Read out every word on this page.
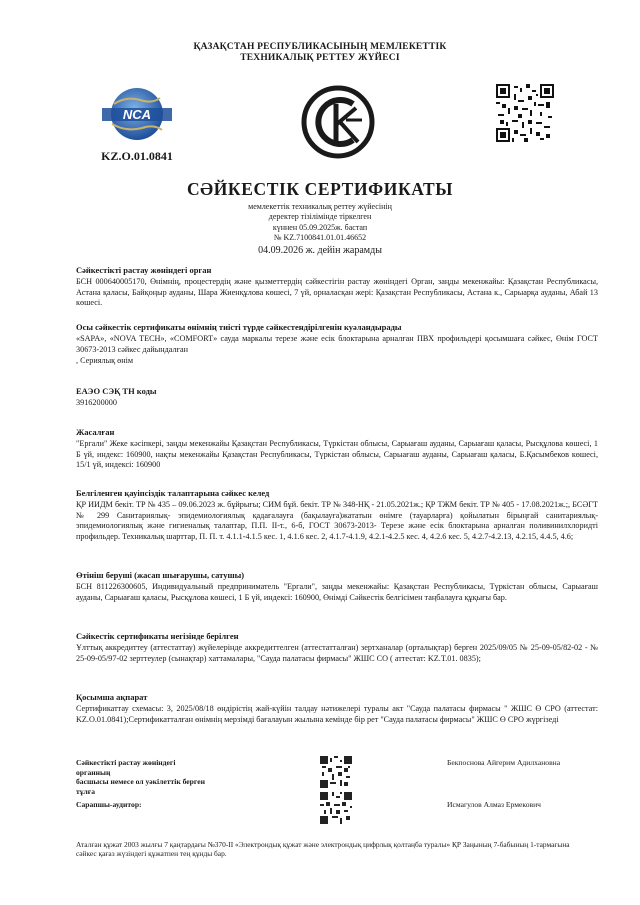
ҚАЗАҚСТАН РЕСПУБЛИКАСЫНЫҢ МЕМЛЕКЕТТІК
ТЕХНИКАЛЫҚ РЕТТЕУ ЖҮЙЕСІ
NCA
KZ.O.01.0841
СӘЙКЕСТІК СЕРТИФИКАТЫ
мемлекеттік техникалық реттеу жүйесінің
деректер тізілімінде тіркелген
күннен 05.09.2025ж. бастап
№ KZ.7100841.01.01.46652
04.09.2026 ж. дейін жарамды
Сәйкестікті растау жөніндегі орган
БСН 000640005170, Өнімнің, процестердің және қызметтердің сәйкестігін растау жөніндегі Орган, заңды мекенжайы: Қазақстан Республикасы, Астана қаласы, Байқоңыр ауданы, Шара Жиенқұлова көшесі, 7 үй, орналасқан жері: Қазақстан Республикасы, Астана к., Сарыарқа ауданы, Абай 13 көшесі.
Осы сәйкестік сертификаты өнімнің тиісті түрде сәйкестендірілгенін куәландырады
«SAPA», «NOVA TECH», «COMFORT» сауда маркалы терезе және есік блоктарына арналған ПВХ профильдері қосымшаға сәйкес, Өнім ГОСТ 30673-2013 сәйкес дайындалған
, Сериялық өнім
ЕАЭО СЭҚ ТН коды
3916200000
Жасалған
"Ергали" Жеке кәсіпкері, заңды мекенжайы Қазақстан Республикасы, Түркістан облысы, Сарыағаш ауданы, Сарыағаш қаласы, Рысқұлова көшесі, 1 Б үй, индекс: 160900, нақты мекенжайы Қазақстан Республикасы, Түркістан облысы, Сарыағаш ауданы, Сарыағаш қаласы, Б.Қасымбеков көшесі, 15/1 үй, индексі: 160900
Белгіленген қауіпсіздік талаптарына сәйкес келед
ҚР ИИДМ бекіт. ТР № 435 – 09.06.2023 ж. бұйрығы; СИМ бұй. бекіт. ТР № 348-НҚ - 21.05.2021ж.; ҚР ТЖМ бекіт. ТР № 405 - 17.08.2021ж.;, БСӘГТ № 299 Санитариялық- эпидемиологиялық қадағалауға (бақылауға)жататын өнімге (тауарларға) қойылатын бірыңғай санитариялық-эпидемиологиялық және гигиеналық талаптар, П.П. II-т., 6-б, ГОСТ 30673-2013- Терезе және есік блоктарына арналған поливинилхлоридті профильдер. Техникалық шарттар, П. П. т. 4.1.1-4.1.5 кес. 1, 4.1.6 кес. 2, 4.1.7-4.1.9, 4.2.1-4.2.5 кес. 4, 4.2.6 кес. 5, 4.2.7-4.2.13, 4.2.15, 4.4.5, 4.6;
Өтініш беруші (жасап шығарушы, сатушы)
БСН 811226300605, Индивидуальный предприниматель "Ергали", заңды мекенжайы: Қазақстан Республикасы, Түркістан облысы, Сарыағаш ауданы, Сарыағаш қаласы, Рысқұлова көшесі, 1 Б үй, индексі: 160900, Өнімді Сәйкестік белгісімен таңбалауға құқығы бар.
Сәйкестік сертификаты негізінде берілген
Ұлттық аккредиттеу (аттестаттау) жүйелерінде аккредиттелген (аттестатталған) зертханалар (орталықтар) берген 2025/09/05 № 25-09-05/82-02 - № 25-09-05/97-02 зерттеулер (сынақтар) хаттамалары, "Сауда палатасы фирмасы" ЖШС СО ( аттестат: KZ.T.01. 0835);
Қосымша ақпарат
Сертификаттау схемасы: 3, 2025/08/18 өндірістің жай-күйін талдау нәтижелері туралы акт "Сауда палатасы фирмасы " ЖШС Ө СРО (аттестат: KZ.O.01.0841);Сертификатталған өнімнің мерзімді бағалауын жылына кемінде бір рет "Сауда палатасы фирмасы" ЖШС Ө СРО жүргізеді
Сәйкестікті растау жөніндегі
органның
басшысы немесе ол уәкілеттік берген
тұлға
Бекпоснова Айгерим Адилхановна
Сарапшы-аудитор:	Исмагулов Алмаз Ермекович
Аталған құжат 2003 жылғы 7 қаңтардағы №370-II «Электрондық құжат және электрондық цифрлық қолтаңба туралы» ҚР Заңының 7-бабының 1-тармағына сәйкес қағаз жүзіндегі құжатпен тең құнды бар.
